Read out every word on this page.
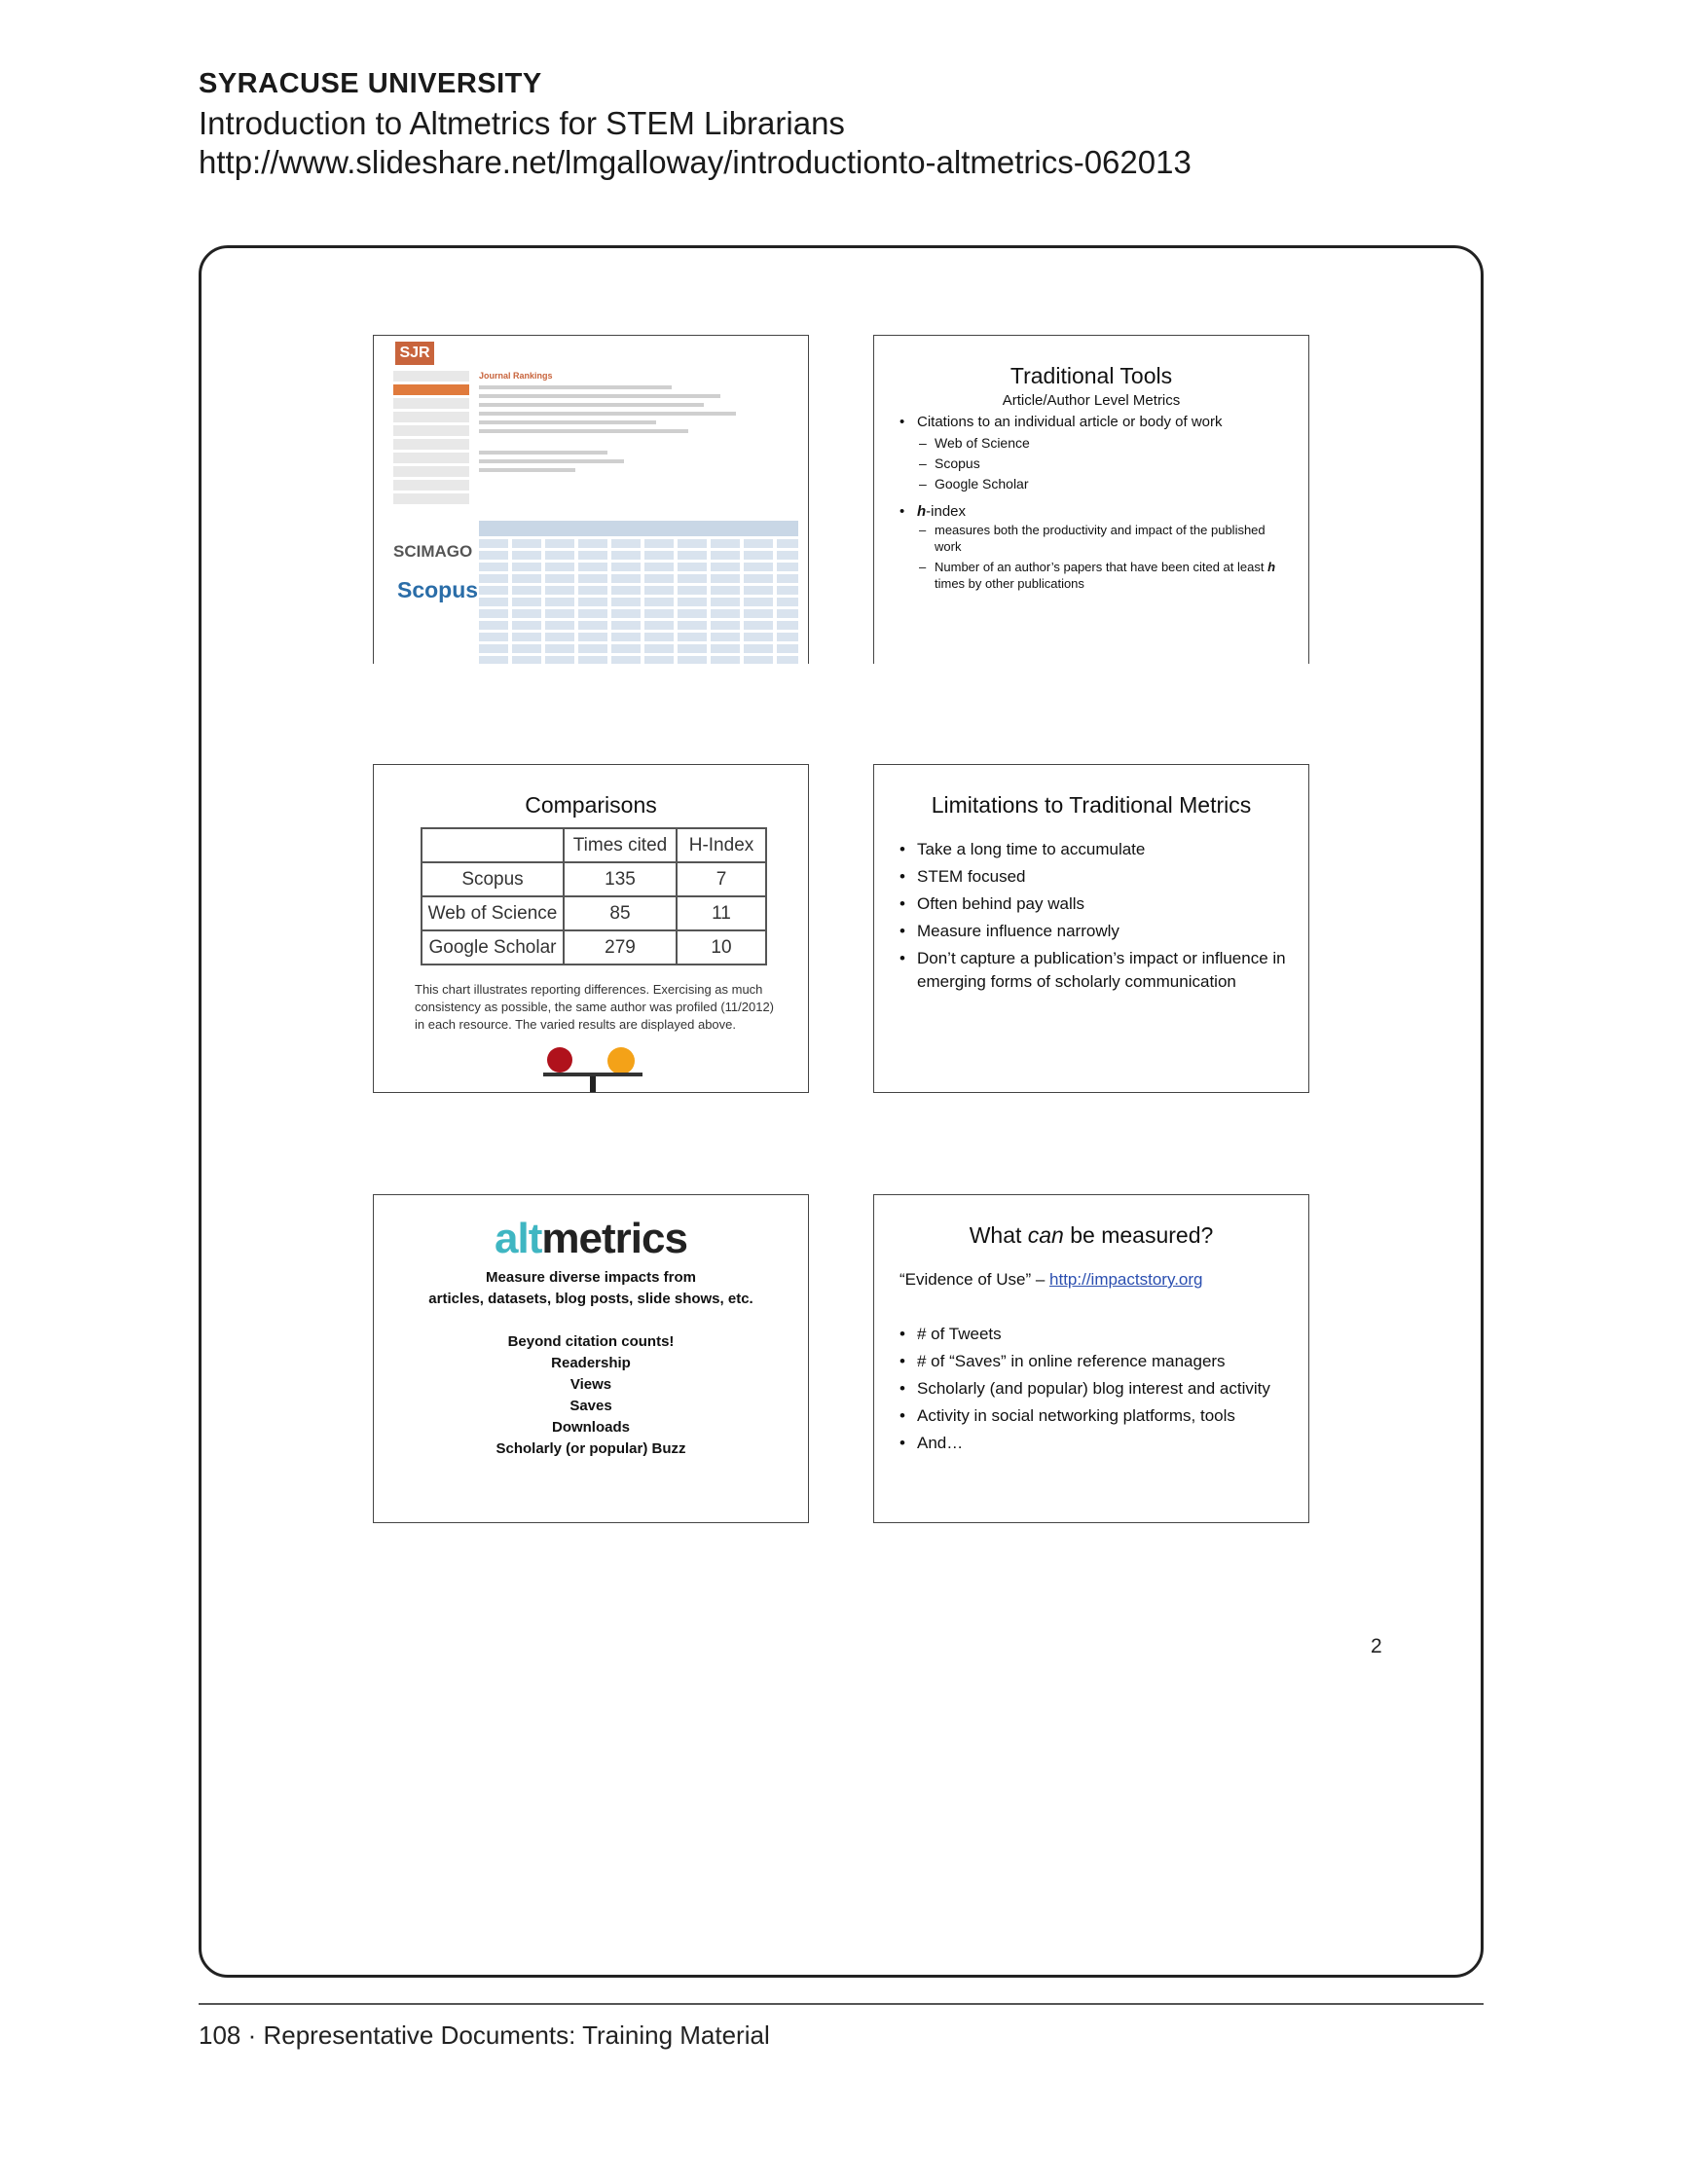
SYRACUSE UNIVERSITY
Introduction to Altmetrics for STEM Librarians
http://www.slideshare.net/lmgalloway/introductionto-altmetrics-062013
SJR
Journal Rankings
SCIMAGO
Scopus
Traditional Tools
Article/Author Level Metrics
• Citations to an individual article or body of work
– Web of Science
– Scopus
– Google Scholar
• h-index
– measures both the productivity and impact of the published work
– Number of an author’s papers that have been cited at least h times by other publications
Comparisons
	Times cited	H-Index
Scopus	135	7
Web of Science	85	11
Google Scholar	279	10
This chart illustrates reporting differences. Exercising as much consistency as possible, the same author was profiled (11/2012) in each resource. The varied results are displayed above.
Limitations to Traditional Metrics
• Take a long time to accumulate
• STEM focused
• Often behind pay walls
• Measure influence narrowly
• Don’t capture a publication’s impact or influence in emerging forms of scholarly communication
altmetrics
Measure diverse impacts from
articles, datasets, blog posts, slide shows, etc.
Beyond citation counts!
Readership
Views
Saves
Downloads
Scholarly (or popular) Buzz
What can be measured?
“Evidence of Use” – http://impactstory.org
• # of Tweets
• # of “Saves” in online reference managers
• Scholarly (and popular) blog interest and activity
• Activity in social networking platforms, tools
• And…
2
108 · Representative Documents: Training Material
